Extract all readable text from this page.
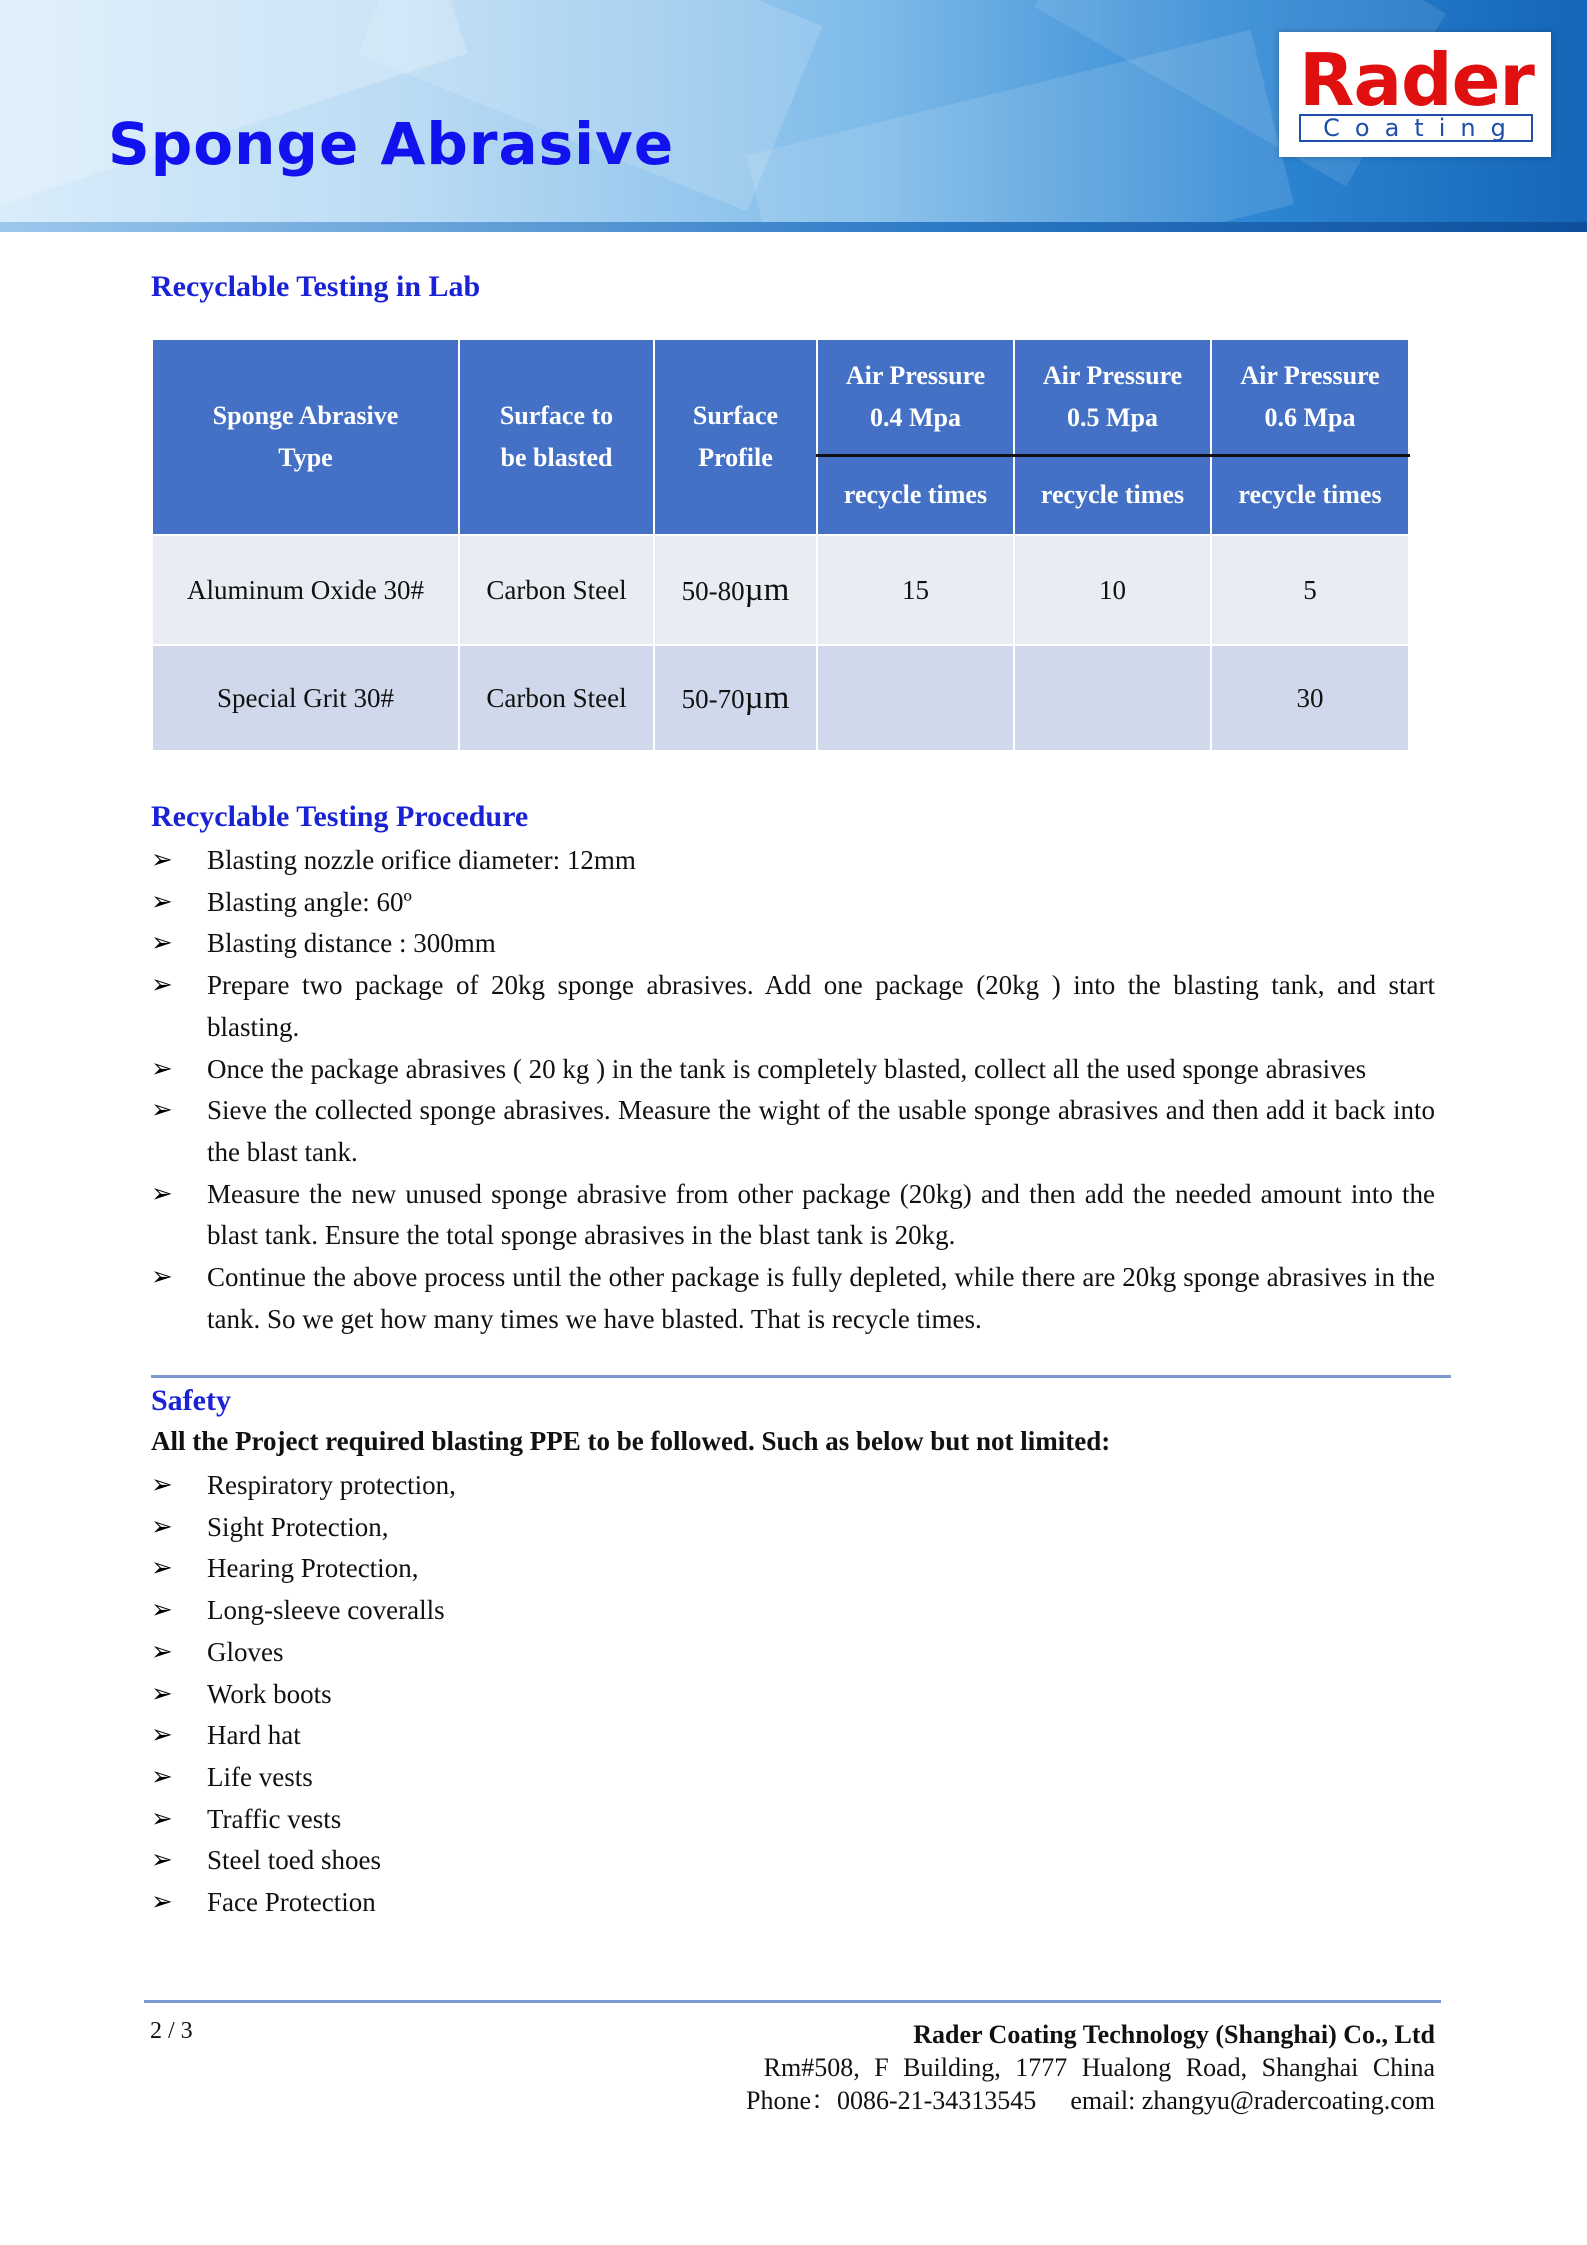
Sponge Abrasive
Rader
Coating
Recyclable Testing in Lab
Sponge Abrasive Type	Surface to be blasted	Surface Profile	Air Pressure 0.4 Mpa	Air Pressure 0.5 Mpa	Air Pressure 0.6 Mpa
			recycle times	recycle times	recycle times
Aluminum Oxide 30#	Carbon Steel	50-80µm	15	10	5
Special Grit 30#	Carbon Steel	50-70µm			30
Recyclable Testing Procedure
➢	Blasting nozzle orifice diameter: 12mm
➢	Blasting angle: 60º
➢	Blasting distance : 300mm
➢	Prepare two package of 20kg sponge abrasives. Add one package (20kg ) into the blasting tank, and start blasting.
➢	Once the package abrasives ( 20 kg ) in the tank is completely blasted, collect all the used sponge abrasives
➢	Sieve the collected sponge abrasives. Measure the wight of the usable sponge abrasives and then add it back into the blast tank.
➢	Measure the new unused sponge abrasive from other package (20kg) and then add the needed amount into the blast tank. Ensure the total sponge abrasives in the blast tank is 20kg.
➢	Continue the above process until the other package is fully depleted, while there are 20kg sponge abrasives in the tank. So we get how many times we have blasted. That is recycle times.
Safety

All the Project required blasting PPE to be followed. Such as below but not limited:

➢	Respiratory protection,
➢	Sight Protection,
➢	Hearing Protection,
➢	Long-sleeve coveralls
➢	Gloves
➢	Work boots
➢	Hard hat
➢	Life vests
➢	Traffic vests
➢	Steel toed shoes
➢	Face Protection
2 / 3	Rader Coating Technology (Shanghai) Co., Ltd
Rm#508, F Building, 1777 Hualong Road, Shanghai China
Phone：0086-21-34313545 email: zhangyu@radercoating.com
